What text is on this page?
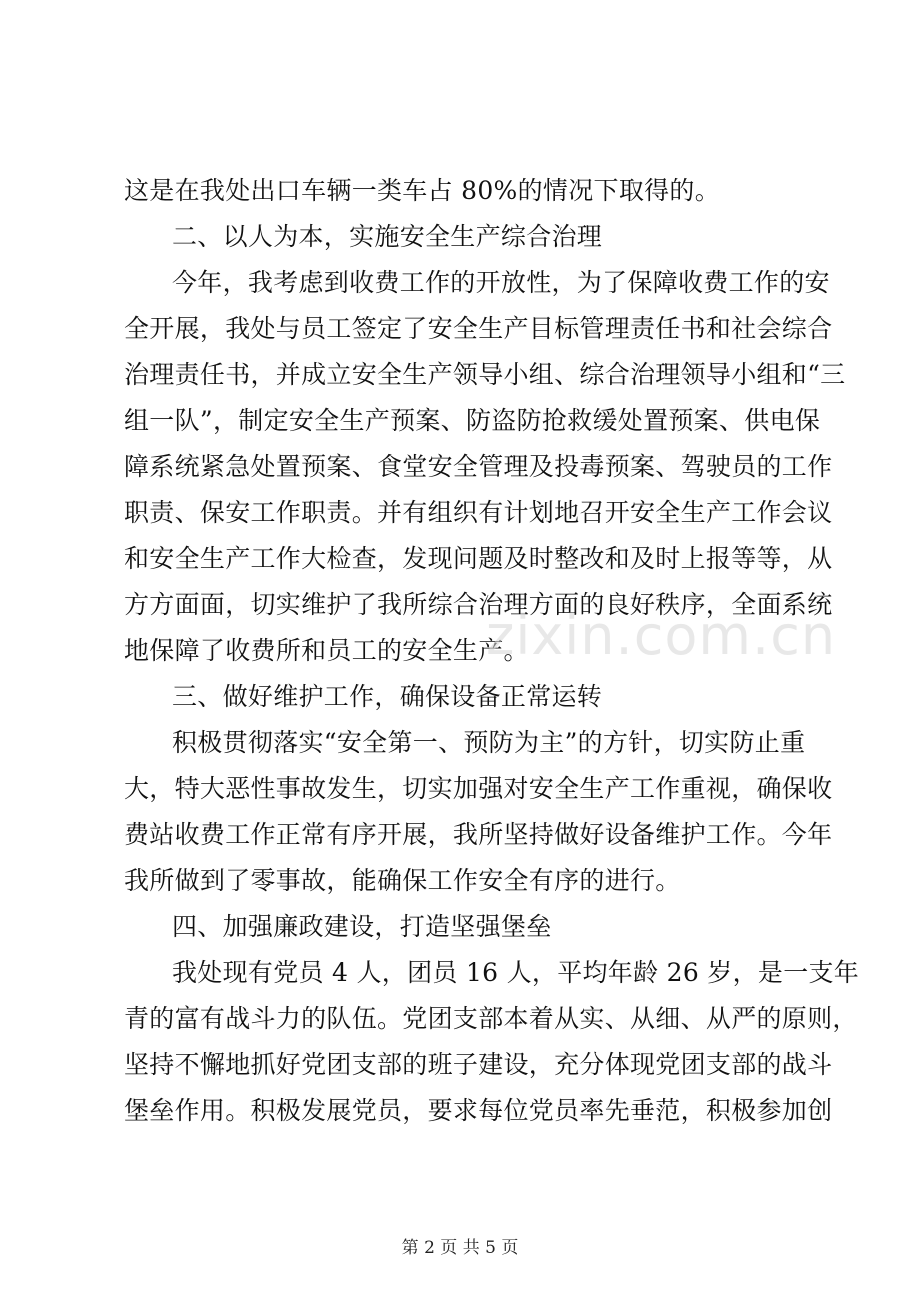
这是在我处出口车辆一类车占 80%的情况下取得的。
二、以人为本，实施安全生产综合治理
今年，我考虑到收费工作的开放性，为了保障收费工作的安
全开展，我处与员工签定了安全生产目标管理责任书和社会综合
治理责任书，并成立安全生产领导小组、综合治理领导小组和“三
组一队”，制定安全生产预案、防盗防抢救缓处置预案、供电保
障系统紧急处置预案、食堂安全管理及投毒预案、驾驶员的工作
职责、保安工作职责。并有组织有计划地召开安全生产工作会议
和安全生产工作大检查，发现问题及时整改和及时上报等等，从
方方面面，切实维护了我所综合治理方面的良好秩序，全面系统
地保障了收费所和员工的安全生产。
三、做好维护工作，确保设备正常运转
积极贯彻落实“安全第一、预防为主”的方针，切实防止重
大，特大恶性事故发生，切实加强对安全生产工作重视，确保收
费站收费工作正常有序开展，我所坚持做好设备维护工作。今年
我所做到了零事故，能确保工作安全有序的进行。
四、加强廉政建设，打造坚强堡垒
我处现有党员 4 人，团员 16 人，平均年龄 26 岁，是一支年
青的富有战斗力的队伍。党团支部本着从实、从细、从严的原则，
坚持不懈地抓好党团支部的班子建设，充分体现党团支部的战斗
堡垒作用。积极发展党员，要求每位党员率先垂范，积极参加创
zixin.com.cn
第 2 页 共 5 页
